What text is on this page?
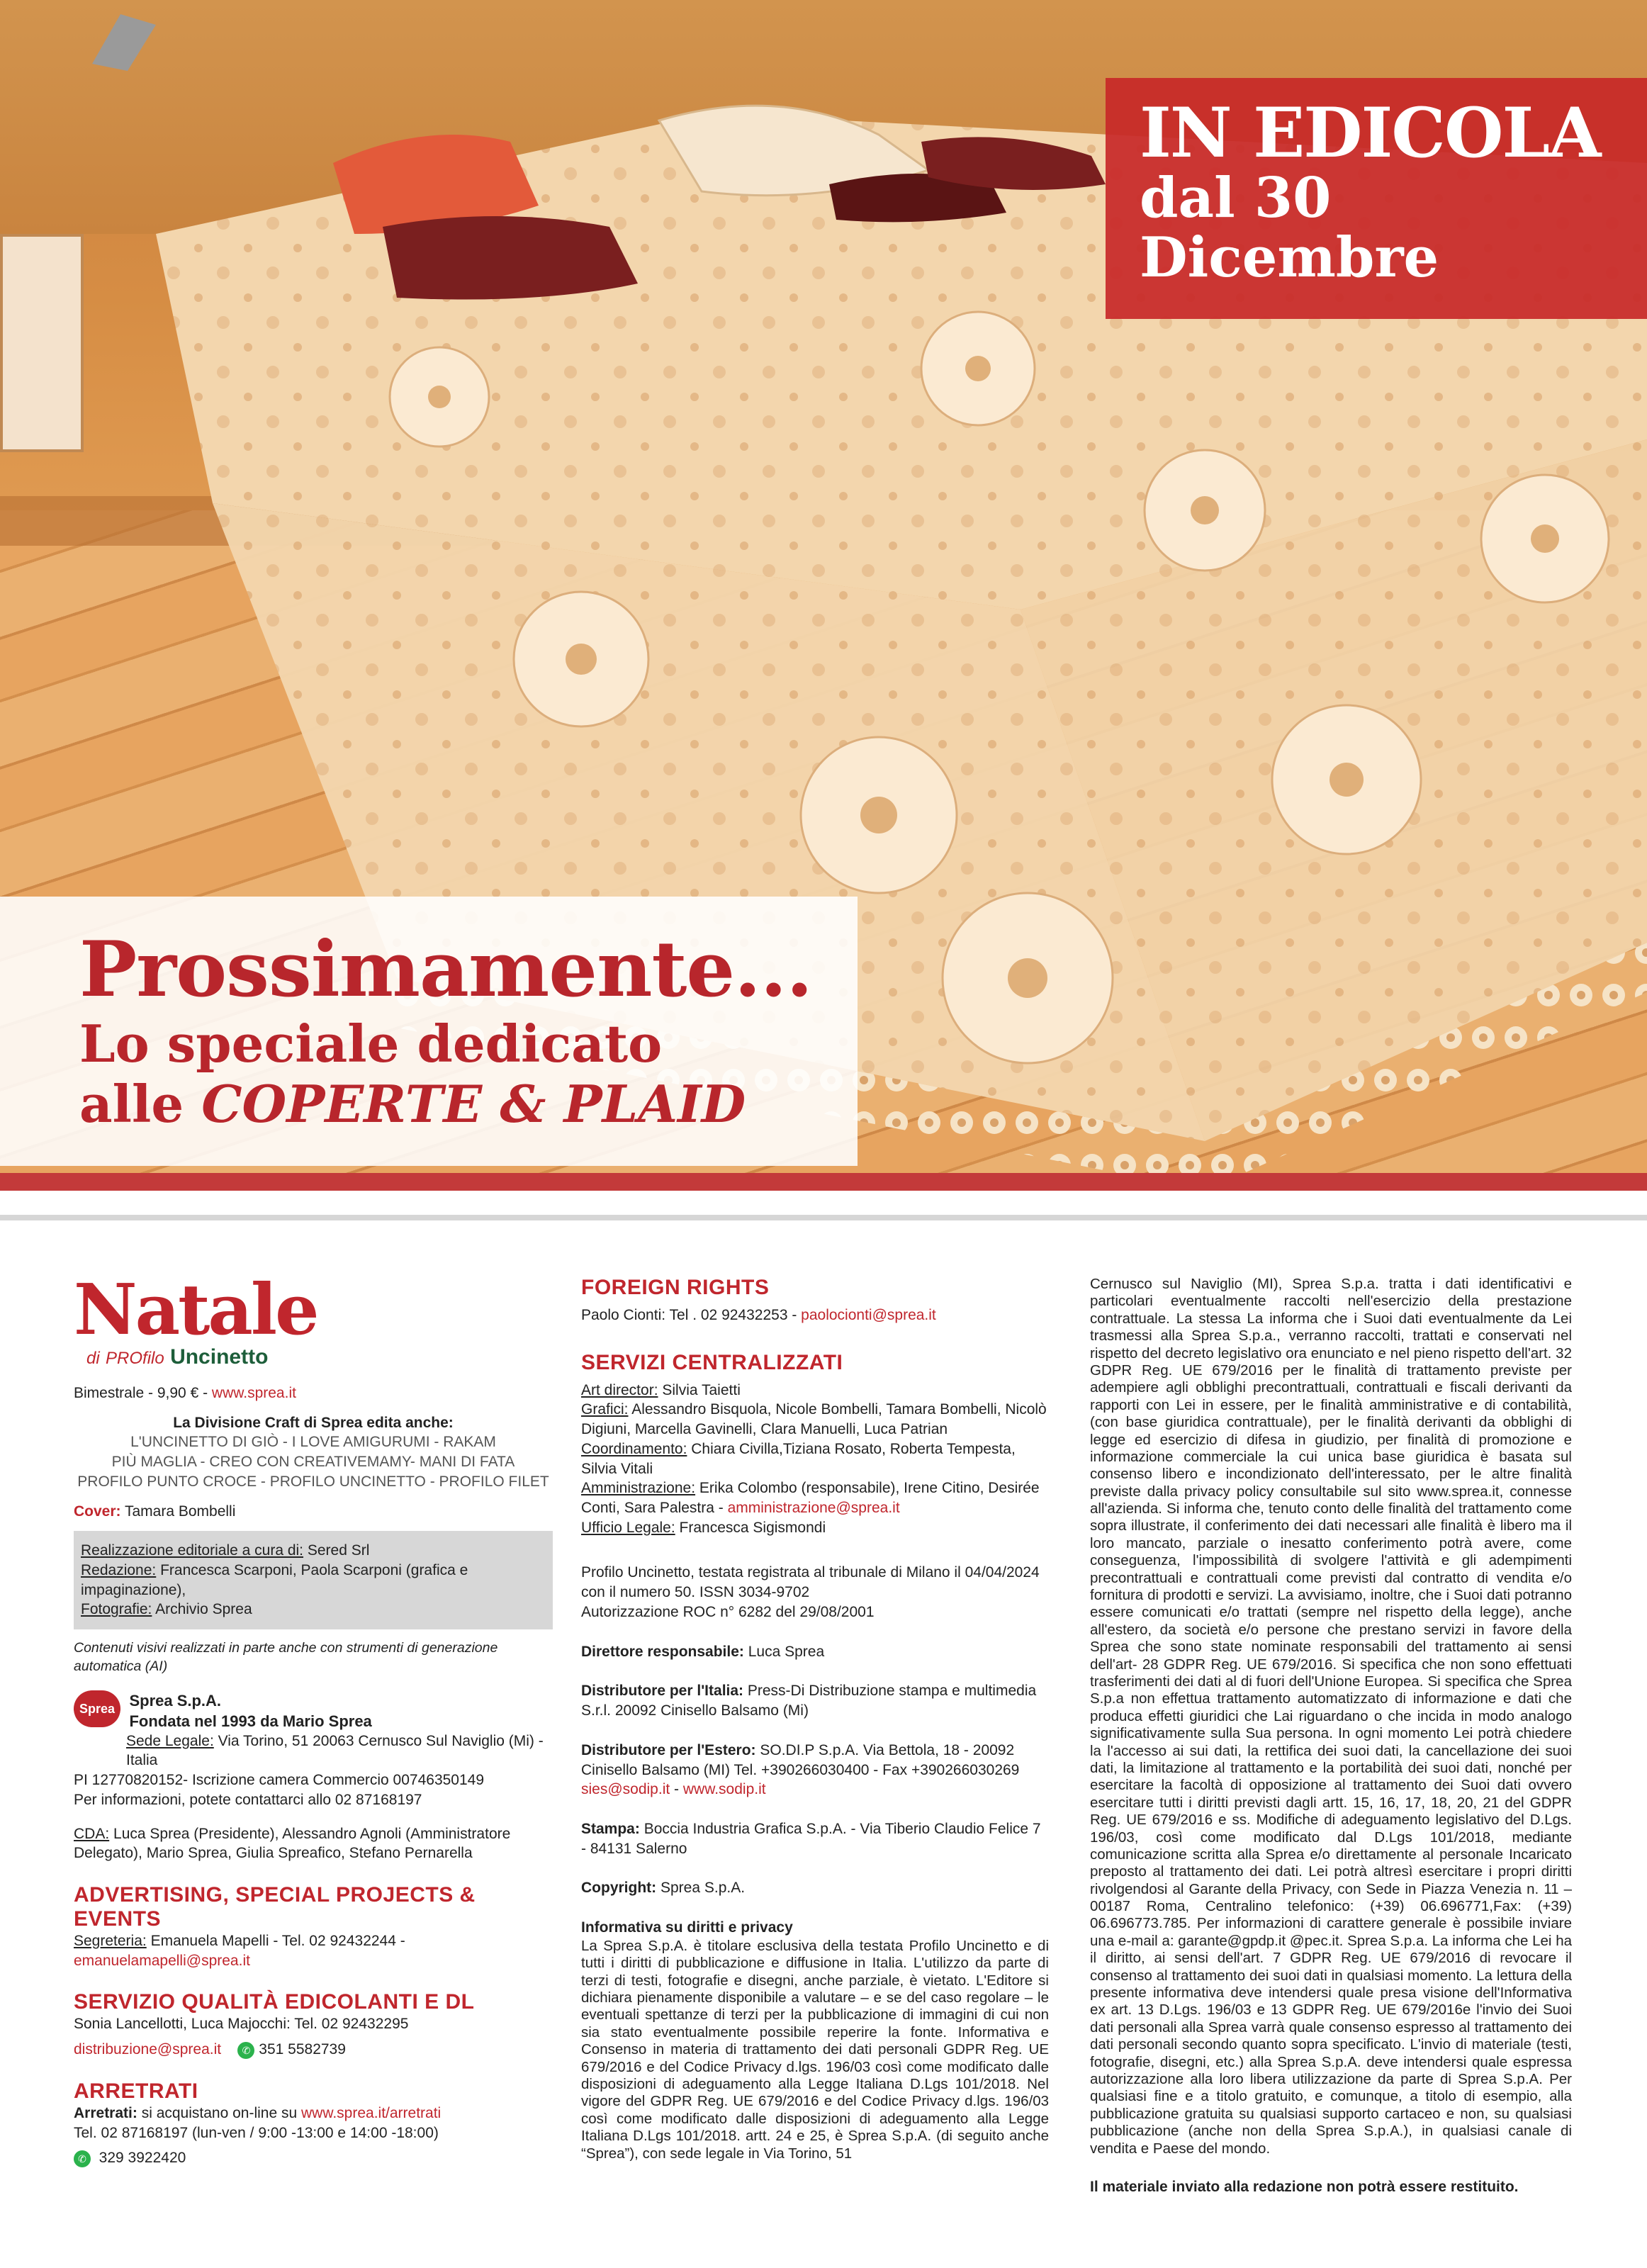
IN EDICOLA
dal 30 Dicembre
Prossimamente...
Lo speciale dedicato
alle COPERTE & PLAID
Natale
di PROfilo Uncinetto

Bimestrale - 9,90 € - www.sprea.it

La Divisione Craft di Sprea edita anche:

L'UNCINETTO DI GIÒ - I LOVE AMIGURUMI - RAKAM

PIÙ MAGLIA - CREO CON CREATIVEMAMY- MANI DI FATA

PROFILO PUNTO CROCE - PROFILO UNCINETTO - PROFILO FILET

Cover: Tamara Bombelli

Realizzazione editoriale a cura di: Sered Srl

Redazione: Francesca Scarponi, Paola Scarponi (grafica e impaginazione),

Fotografie: Archivio Sprea

Contenuti visivi realizzati in parte anche con strumenti di generazione automatica (AI)

Sprea Sprea S.p.A.

Fondata nel 1993 da Mario Sprea

Sede Legale: Via Torino, 51 20063 Cernusco Sul Naviglio (Mi) - Italia

PI 12770820152- Iscrizione camera Commercio 00746350149

Per informazioni, potete contattarci allo 02 87168197

CDA: Luca Sprea (Presidente), Alessandro Agnoli (Amministratore Delegato), Mario Sprea, Giulia Spreafico, Stefano Pernarella

ADVERTISING, SPECIAL PROJECTS & EVENTS

Segreteria: Emanuela Mapelli - Tel. 02 92432244 - emanuelamapelli@sprea.it

SERVIZIO QUALITÀ EDICOLANTI E DL

Sonia Lancellotti, Luca Majocchi: Tel. 02 92432295

distribuzione@sprea.it ✆ 351 5582739

ARRETRATI

Arretrati: si acquistano on-line su www.sprea.it/arretrati

Tel. 02 87168197 (lun-ven / 9:00 -13:00 e 14:00 -18:00)

✆ 329 3922420

FOREIGN RIGHTS

Paolo Cionti: Tel . 02 92432253 - paolocionti@sprea.it

SERVIZI CENTRALIZZATI

Art director: Silvia Taietti

Grafici: Alessandro Bisquola, Nicole Bombelli, Tamara Bombelli, Nicolò Digiuni, Marcella Gavinelli, Clara Manuelli, Luca Patrian

Coordinamento: Chiara Civilla,Tiziana Rosato, Roberta Tempesta, Silvia Vitali

Amministrazione: Erika Colombo (responsabile), Irene Citino, Desirée Conti, Sara Palestra - amministrazione@sprea.it

Ufficio Legale: Francesca Sigismondi

Profilo Uncinetto, testata registrata al tribunale di Milano il 04/04/2024 con il numero 50. ISSN 3034-9702

Autorizzazione ROC n° 6282 del 29/08/2001

Direttore responsabile: Luca Sprea

Distributore per l'Italia: Press-Di Distribuzione stampa e multimedia S.r.l. 20092 Cinisello Balsamo (Mi)

Distributore per l'Estero: SO.DI.P S.p.A. Via Bettola, 18 - 20092 Cinisello Balsamo (MI) Tel. +390266030400 - Fax +390266030269 sies@sodip.it - www.sodip.it

Stampa: Boccia Industria Grafica S.p.A. - Via Tiberio Claudio Felice 7 - 84131 Salerno

Copyright: Sprea S.p.A.

Informativa su diritti e privacy

La Sprea S.p.A. è titolare esclusiva della testata Profilo Uncinetto e di tutti i diritti di pubblicazione e diffusione in Italia. L'utilizzo da parte di terzi di testi, fotografie e disegni, anche parziale, è vietato. L'Editore si dichiara pienamente disponibile a valutare – e se del caso regolare – le eventuali spettanze di terzi per la pubblicazione di immagini di cui non sia stato eventualmente possibile reperire la fonte. Informativa e Consenso in materia di trattamento dei dati personali GDPR Reg. UE 679/2016 e del Codice Privacy d.lgs. 196/03 così come modificato dalle disposizioni di adeguamento alla Legge Italiana D.Lgs 101/2018. Nel vigore del GDPR Reg. UE 679/2016 e del Codice Privacy d.lgs. 196/03 così come modificato dalle disposizioni di adeguamento alla Legge Italiana D.Lgs 101/2018. artt. 24 e 25, è Sprea S.p.A. (di seguito anche “Sprea”), con sede legale in Via Torino, 51

Cernusco sul Naviglio (MI), Sprea S.p.a. tratta i dati identificativi e particolari eventualmente raccolti nell'esercizio della prestazione contrattuale. La stessa La informa che i Suoi dati eventualmente da Lei trasmessi alla Sprea S.p.a., verranno raccolti, trattati e conservati nel rispetto del decreto legislativo ora enunciato e nel pieno rispetto dell'art. 32 GDPR Reg. UE 679/2016 per le finalità di trattamento previste per adempiere agli obblighi precontrattuali, contrattuali e fiscali derivanti da rapporti con Lei in essere, per le finalità amministrative e di contabilità, (con base giuridica contrattuale), per le finalità derivanti da obblighi di legge ed esercizio di difesa in giudizio, per finalità di promozione e informazione commerciale la cui unica base giuridica è basata sul consenso libero e incondizionato dell'interessato, per le altre finalità previste dalla privacy policy consultabile sul sito www.sprea.it, connesse all'azienda. Si informa che, tenuto conto delle finalità del trattamento come sopra illustrate, il conferimento dei dati necessari alle finalità è libero ma il loro mancato, parziale o inesatto conferimento potrà avere, come conseguenza, l'impossibilità di svolgere l'attività e gli adempimenti precontrattuali e contrattuali come previsti dal contratto di vendita e/o fornitura di prodotti e servizi. La avvisiamo, inoltre, che i Suoi dati potranno essere comunicati e/o trattati (sempre nel rispetto della legge), anche all'estero, da società e/o persone che prestano servizi in favore della Sprea che sono state nominate responsabili del trattamento ai sensi dell'art- 28 GDPR Reg. UE 679/2016. Si specifica che non sono effettuati trasferimenti dei dati al di fuori dell'Unione Europea. Si specifica che Sprea S.p.a non effettua trattamento automatizzato di informazione e dati che produca effetti giuridici che Lai riguardano o che incida in modo analogo significativamente sulla Sua persona. In ogni momento Lei potrà chiedere la l'accesso ai sui dati, la rettifica dei suoi dati, la cancellazione dei suoi dati, la limitazione al trattamento e la portabilità dei suoi dati, nonché per esercitare la facoltà di opposizione al trattamento dei Suoi dati ovvero esercitare tutti i diritti previsti dagli artt. 15, 16, 17, 18, 20, 21 del GDPR Reg. UE 679/2016 e ss. Modifiche di adeguamento legislativo del D.Lgs. 196/03, così come modificato dal D.Lgs 101/2018, mediante comunicazione scritta alla Sprea e/o direttamente al personale Incaricato preposto al trattamento dei dati. Lei potrà altresì esercitare i propri diritti rivolgendosi al Garante della Privacy, con Sede in Piazza Venezia n. 11 – 00187 Roma, Centralino telefonico: (+39) 06.696771,Fax: (+39) 06.696773.785. Per informazioni di carattere generale è possibile inviare una e-mail a: garante@gpdp.it @pec.it. Sprea S.p.a. La informa che Lei ha il diritto, ai sensi dell'art. 7 GDPR Reg. UE 679/2016 di revocare il consenso al trattamento dei suoi dati in qualsiasi momento. La lettura della presente informativa deve intendersi quale presa visione dell'Informativa ex art. 13 D.Lgs. 196/03 e 13 GDPR Reg. UE 679/2016e l'invio dei Suoi dati personali alla Sprea varrà quale consenso espresso al trattamento dei dati personali secondo quanto sopra specificato. L'invio di materiale (testi, fotografie, disegni, etc.) alla Sprea S.p.A. deve intendersi quale espressa autorizzazione alla loro libera utilizzazione da parte di Sprea S.p.A. Per qualsiasi fine e a titolo gratuito, e comunque, a titolo di esempio, alla pubblicazione gratuita su qualsiasi supporto cartaceo e non, su qualsiasi pubblicazione (anche non della Sprea S.p.A.), in qualsiasi canale di vendita e Paese del mondo.

Il materiale inviato alla redazione non potrà essere restituito.
